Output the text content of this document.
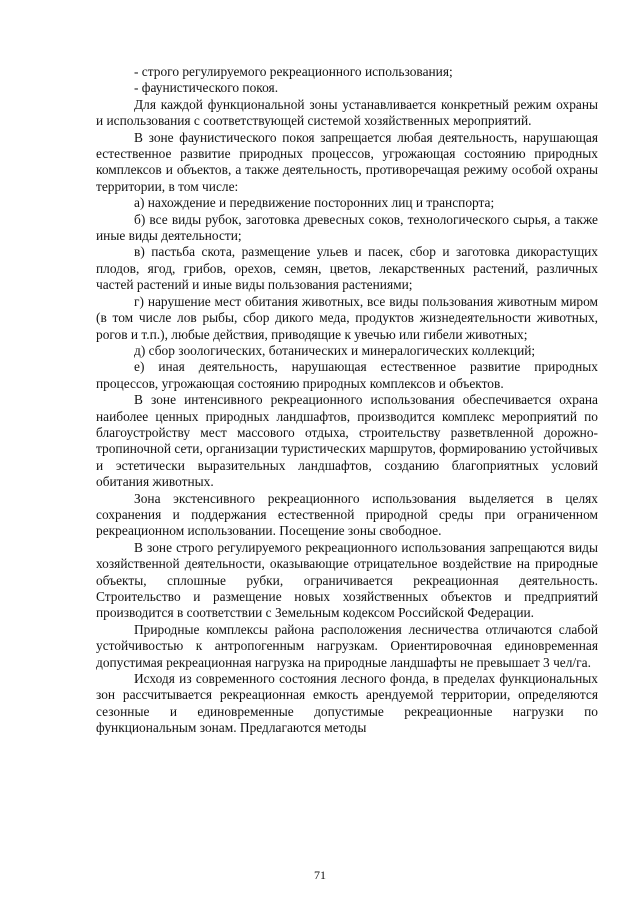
- строго регулируемого рекреационного использования;

- фаунистического покоя.

Для каждой функциональной зоны устанавливается конкретный режим охраны и использования с соответствующей системой хозяйственных мероприятий.

В зоне фаунистического покоя запрещается любая деятельность, нарушающая естественное развитие природных процессов, угрожающая состоянию природных комплексов и объектов, а также деятельность, противоречащая режиму особой охраны территории, в том числе:

а) нахождение и передвижение посторонних лиц и транспорта;

б) все виды рубок, заготовка древесных соков, технологического сырья, а также иные виды деятельности;

в) пастьба скота, размещение ульев и пасек, сбор и заготовка дикорастущих плодов, ягод, грибов, орехов, семян, цветов, лекарственных растений, различных частей растений и иные виды пользования растениями;

г) нарушение мест обитания животных, все виды пользования животным миром (в том числе лов рыбы, сбор дикого меда, продуктов жизнедеятельности животных, рогов и т.п.), любые действия, приводящие к увечью или гибели животных;

д) сбор зоологических, ботанических и минералогических коллекций;

е) иная деятельность, нарушающая естественное развитие природных процессов, угрожающая состоянию природных комплексов и объектов.

В зоне интенсивного рекреационного использования обеспечивается охрана наиболее ценных природных ландшафтов, производится комплекс мероприятий по благоустройству мест массового отдыха, строительству разветвленной дорожно-тропиночной сети, организации туристических маршрутов, формированию устойчивых и эстетически выразительных ландшафтов, созданию благоприятных условий обитания животных.

Зона экстенсивного рекреационного использования выделяется в целях сохранения и поддержания естественной природной среды при ограниченном рекреационном использовании. Посещение зоны свободное.

В зоне строго регулируемого рекреационного использования запрещаются виды хозяйственной деятельности, оказывающие отрицательное воздействие на природные объекты, сплошные рубки, ограничивается рекреационная деятельность. Строительство и размещение новых хозяйственных объектов и предприятий производится в соответствии с Земельным кодексом Российской Федерации.

Природные комплексы района расположения лесничества отличаются слабой устойчивостью к антропогенным нагрузкам. Ориентировочная единовременная допустимая рекреационная нагрузка на природные ландшафты не превышает 3 чел/га.

Исходя из современного состояния лесного фонда, в пределах функциональных зон рассчитывается рекреационная емкость арендуемой территории, определяются сезонные и единовременные допустимые рекреационные нагрузки по функциональным зонам. Предлагаются методы

71
